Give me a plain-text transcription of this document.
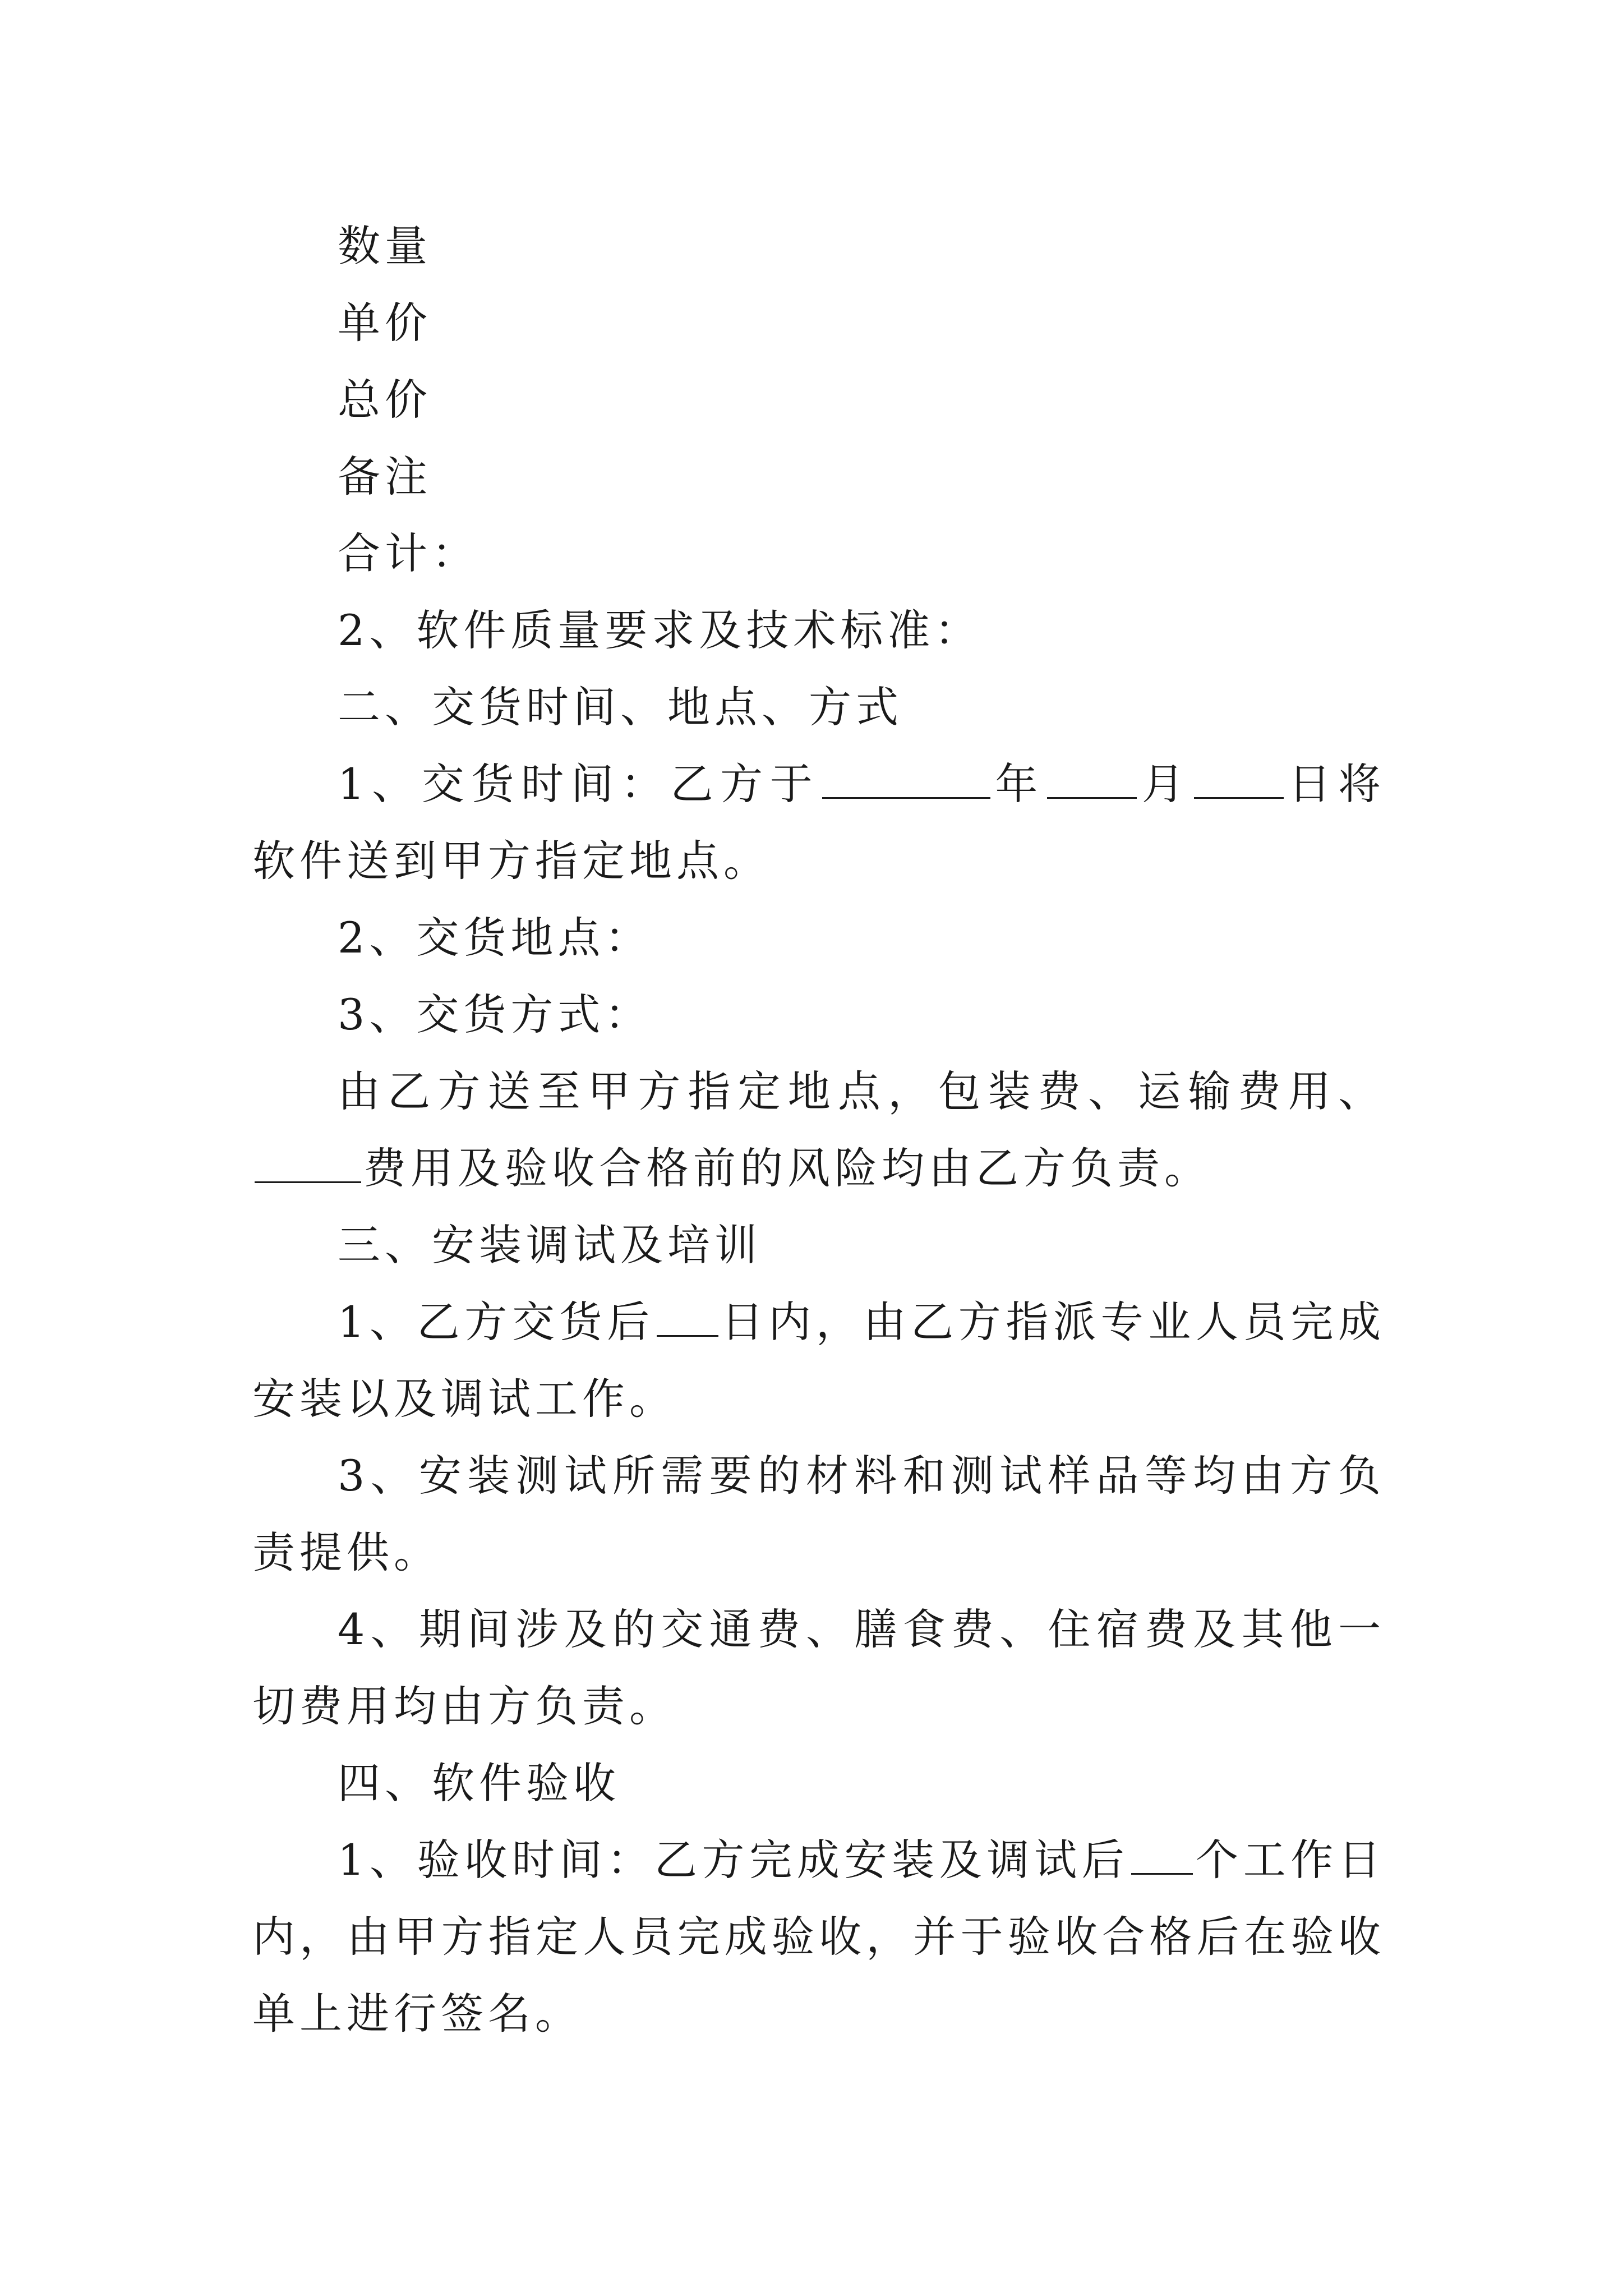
数量

单价

总价

备注

合计：

2、软件质量要求及技术标准：

二、交货时间、地点、方式

1、交货时间：乙方于	年 月 日将软件送到甲方指定地点。

2、交货地点：

3、交货方式：

由乙方送至甲方指定地点，包装费、运输费用、费用及验收合格前的风险均由乙方负责。

三、安装调试及培训

1、乙方交货后 日内，由乙方指派专业人员完成安装以及调试工作。

3、安装测试所需要的材料和测试样品等均由方负责提供。

4、期间涉及的交通费、膳食费、住宿费及其他一切费用均由方负责。

四、软件验收

1、验收时间：乙方完成安装及调试后 个工作日内，由甲方指定人员完成验收，并于验收合格后在验收单上进行签名。
